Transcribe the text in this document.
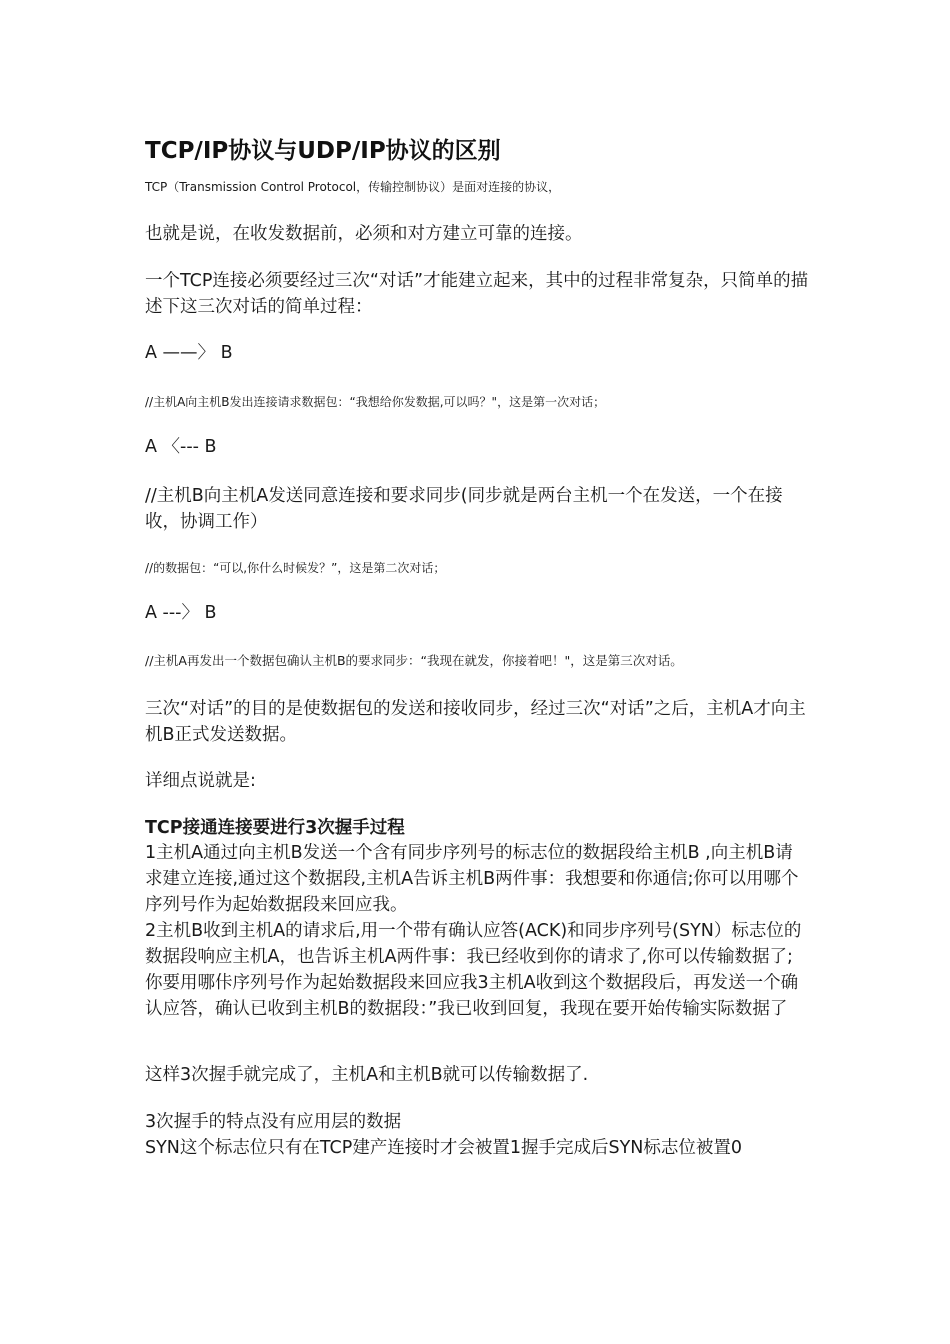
TCP/IP协议与UDP/IP协议的区别

TCP（Transmission Control Protocol，传输控制协议）是面对连接的协议，

也就是说，在收发数据前，必须和对方建立可靠的连接。

一个TCP连接必须要经过三次“对话”才能建立起来，其中的过程非常复杂，只简单的描述下这三次对话的简单过程：

A ——〉 B

//主机A向主机B发出连接请求数据包：“我想给你发数据,可以吗？"，这是第一次对话；

A 〈--- B

//主机B向主机A发送同意连接和要求同步(同步就是两台主机一个在发送，一个在接收，协调工作）

//的数据包：“可以,你什么时候发？”，这是第二次对话；

A ---〉 B

//主机A再发出一个数据包确认主机B的要求同步：“我现在就发，你接着吧！"，这是第三次对话。

三次“对话”的目的是使数据包的发送和接收同步，经过三次“对话”之后，主机A才向主机B正式发送数据。

详细点说就是:

TCP接通连接要进行3次握手过程

1主机A通过向主机B发送一个含有同步序列号的标志位的数据段给主机B ,向主机B请求建立连接,通过这个数据段,主机A告诉主机B两件事：我想要和你通信;你可以用哪个序列号作为起始数据段来回应我。
2主机B收到主机A的请求后,用一个带有确认应答(ACK)和同步序列号(SYN）标志位的数据段响应主机A，也告诉主机A两件事：我已经收到你的请求了,你可以传输数据了;你要用哪佧序列号作为起始数据段来回应我3主机A收到这个数据段后，再发送一个确认应答，确认已收到主机B的数据段：”我已收到回复，我现在要开始传输实际数据了

这样3次握手就完成了，主机A和主机B就可以传输数据了.

3次握手的特点没有应用层的数据
SYN这个标志位只有在TCP建产连接时才会被置1握手完成后SYN标志位被置0
